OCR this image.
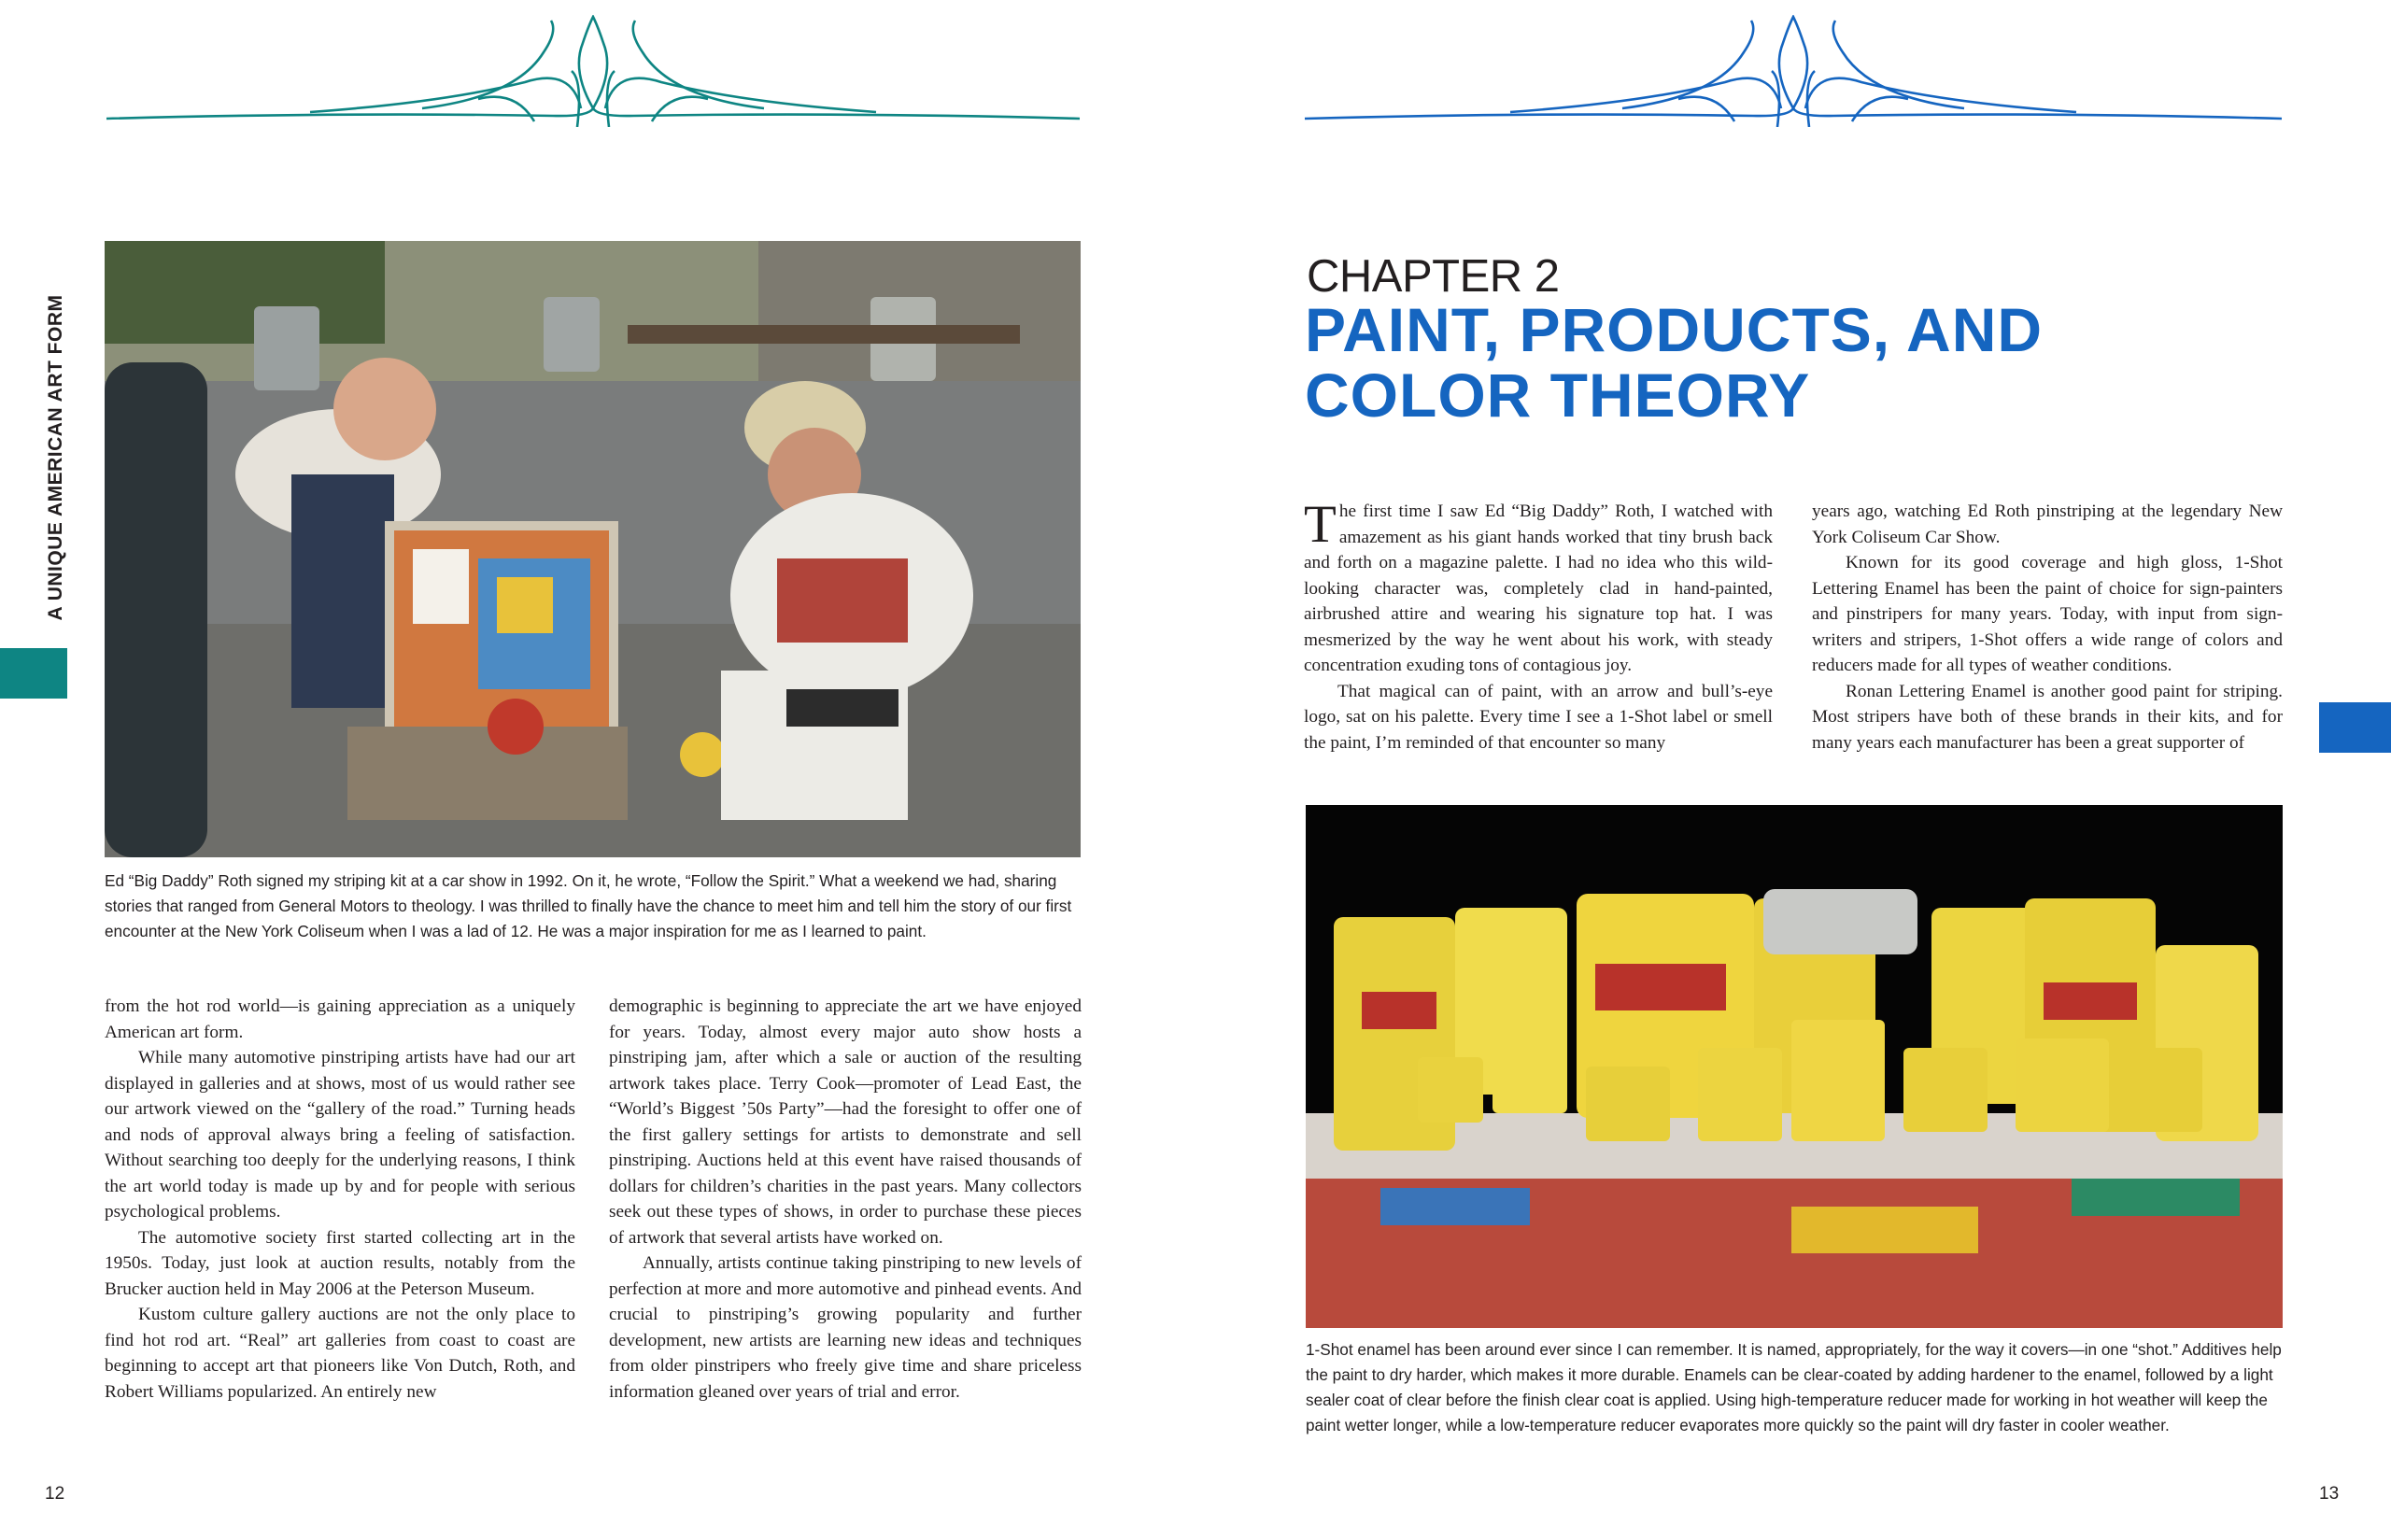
A UNIQUE AMERICAN ART FORM

Ed “Big Daddy” Roth signed my striping kit at a car show in 1992. On it, he wrote, “Follow the Spirit.” What a weekend we had, sharing stories that ranged from General Motors to theology. I was thrilled to finally have the chance to meet him and tell him the story of our first encounter at the New York Coliseum when I was a lad of 12. He was a major inspiration for me as I learned to paint.

from the hot rod world—is gaining appreciation as a uniquely American art form.

While many automotive pinstriping artists have had our art displayed in galleries and at shows, most of us would rather see our artwork viewed on the “gallery of the road.” Turning heads and nods of approval always bring a feeling of satisfaction. Without searching too deeply for the underlying reasons, I think the art world today is made up by and for people with serious psychological problems.

The automotive society first started collecting art in the 1950s. Today, just look at auction results, notably from the Brucker auction held in May 2006 at the Peterson Museum.

Kustom culture gallery auctions are not the only place to find hot rod art. “Real” art galleries from coast to coast are beginning to accept art that pioneers like Von Dutch, Roth, and Robert Williams popularized. An entirely new

demographic is beginning to appreciate the art we have enjoyed for years. Today, almost every major auto show hosts a pinstriping jam, after which a sale or auction of the resulting artwork takes place. Terry Cook—promoter of Lead East, the “World’s Biggest ’50s Party”—had the foresight to offer one of the first gallery settings for artists to demonstrate and sell pinstriping. Auctions held at this event have raised thousands of dollars for children’s charities in the past years. Many collectors seek out these types of shows, in order to purchase these pieces of artwork that several artists have worked on.

Annually, artists continue taking pinstriping to new levels of perfection at more and more automotive and pinhead events. And crucial to pinstriping’s growing popularity and further development, new artists are learning new ideas and techniques from older pinstripers who freely give time and share priceless information gleaned over years of trial and error.

12
CHAPTER 2
PAINT, PRODUCTS, AND
COLOR THEORY

The first time I saw Ed “Big Daddy” Roth, I watched with amazement as his giant hands worked that tiny brush back and forth on a magazine palette. I had no idea who this wild-looking character was, completely clad in hand-painted, airbrushed attire and wearing his signature top hat. I was mesmerized by the way he went about his work, with steady concentration exuding tons of contagious joy.

That magical can of paint, with an arrow and bull’s-eye logo, sat on his palette. Every time I see a 1-Shot label or smell the paint, I’m reminded of that encounter so many

years ago, watching Ed Roth pinstriping at the legendary New York Coliseum Car Show.

Known for its good coverage and high gloss, 1-Shot Lettering Enamel has been the paint of choice for sign-painters and pinstripers for many years. Today, with input from sign-writers and stripers, 1-Shot offers a wide range of colors and reducers made for all types of weather conditions.

Ronan Lettering Enamel is another good paint for striping. Most stripers have both of these brands in their kits, and for many years each manufacturer has been a great supporter of

1-Shot enamel has been around ever since I can remember. It is named, appropriately, for the way it covers—in one “shot.” Additives help the paint to dry harder, which makes it more durable. Enamels can be clear-coated by adding hardener to the enamel, followed by a light sealer coat of clear before the finish clear coat is applied. Using high-temperature reducer made for working in hot weather will keep the paint wetter longer, while a low-temperature reducer evaporates more quickly so the paint will dry faster in cooler weather.

13
